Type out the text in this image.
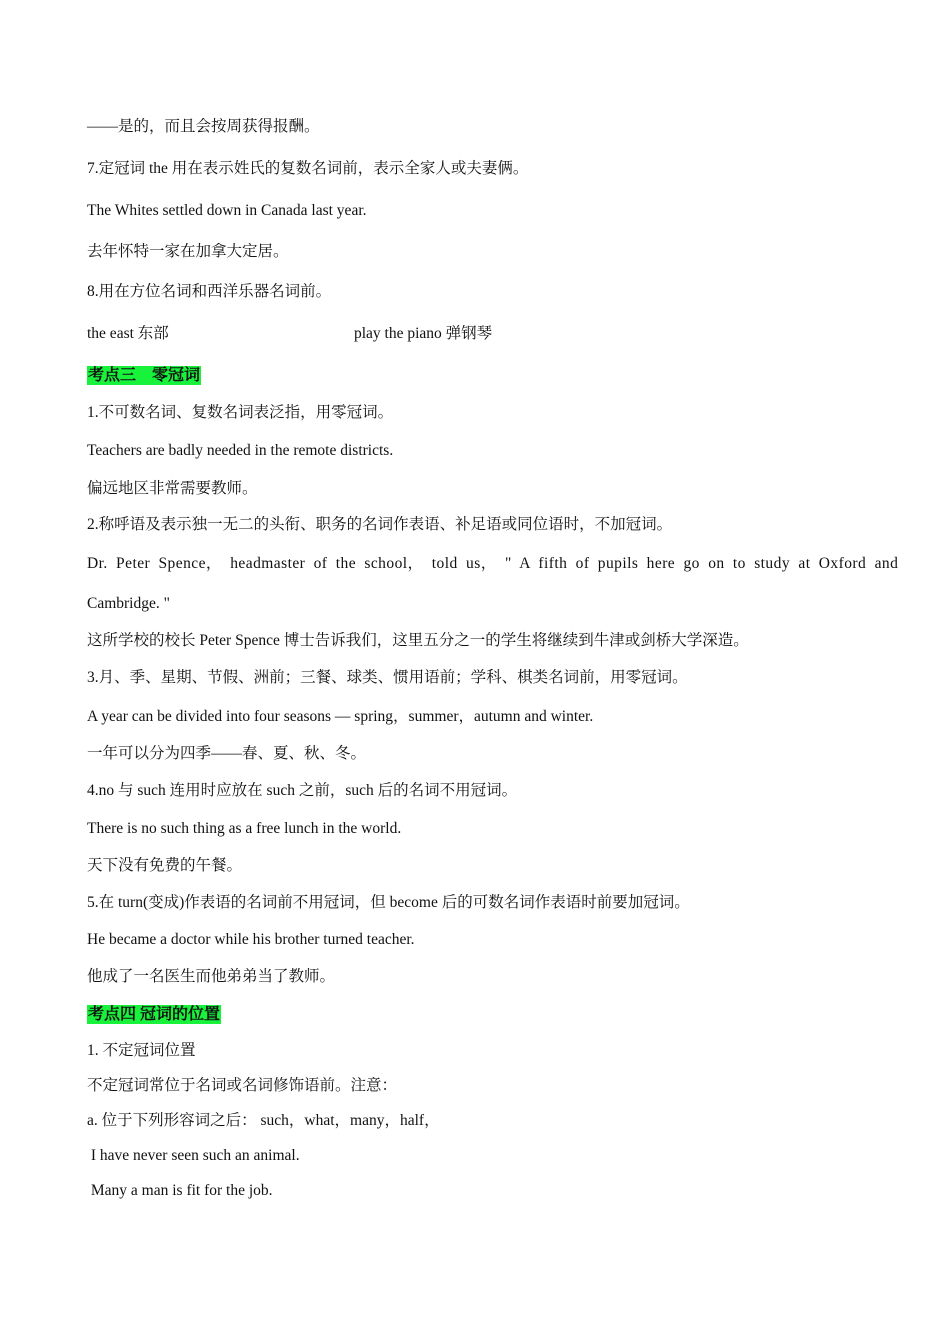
——是的，而且会按周获得报酬。
7.定冠词 the 用在表示姓氏的复数名词前，表示全家人或夫妻俩。
The Whites settled down in Canada last year.
去年怀特一家在加拿大定居。
8.用在方位名词和西洋乐器名词前。
the east 东部	play the piano 弹钢琴
考点三　零冠词
1.不可数名词、复数名词表泛指，用零冠词。
Teachers are badly needed in the remote districts.
偏远地区非常需要教师。
2.称呼语及表示独一无二的头衔、职务的名词作表语、补足语或同位语时，不加冠词。
Dr. Peter Spence， headmaster of the school， told us， " A fifth of pupils here go on to study at Oxford and
Cambridge. "
这所学校的校长 Peter Spence 博士告诉我们，这里五分之一的学生将继续到牛津或剑桥大学深造。
3.月、季、星期、节假、洲前；三餐、球类、惯用语前；学科、棋类名词前，用零冠词。
A year can be divided into four seasons — spring，summer，autumn and winter.
一年可以分为四季——春、夏、秋、冬。
4.no 与 such 连用时应放在 such 之前，such 后的名词不用冠词。
There is no such thing as a free lunch in the world.
天下没有免费的午餐。
5.在 turn(变成)作表语的名词前不用冠词，但 become 后的可数名词作表语时前要加冠词。
He became a doctor while his brother turned teacher.
他成了一名医生而他弟弟当了教师。
考点四 冠词的位置
1. 不定冠词位置
不定冠词常位于名词或名词修饰语前。注意：
a. 位于下列形容词之后： such，what，many，half，
I have never seen such an animal.
Many a man is fit for the job.
